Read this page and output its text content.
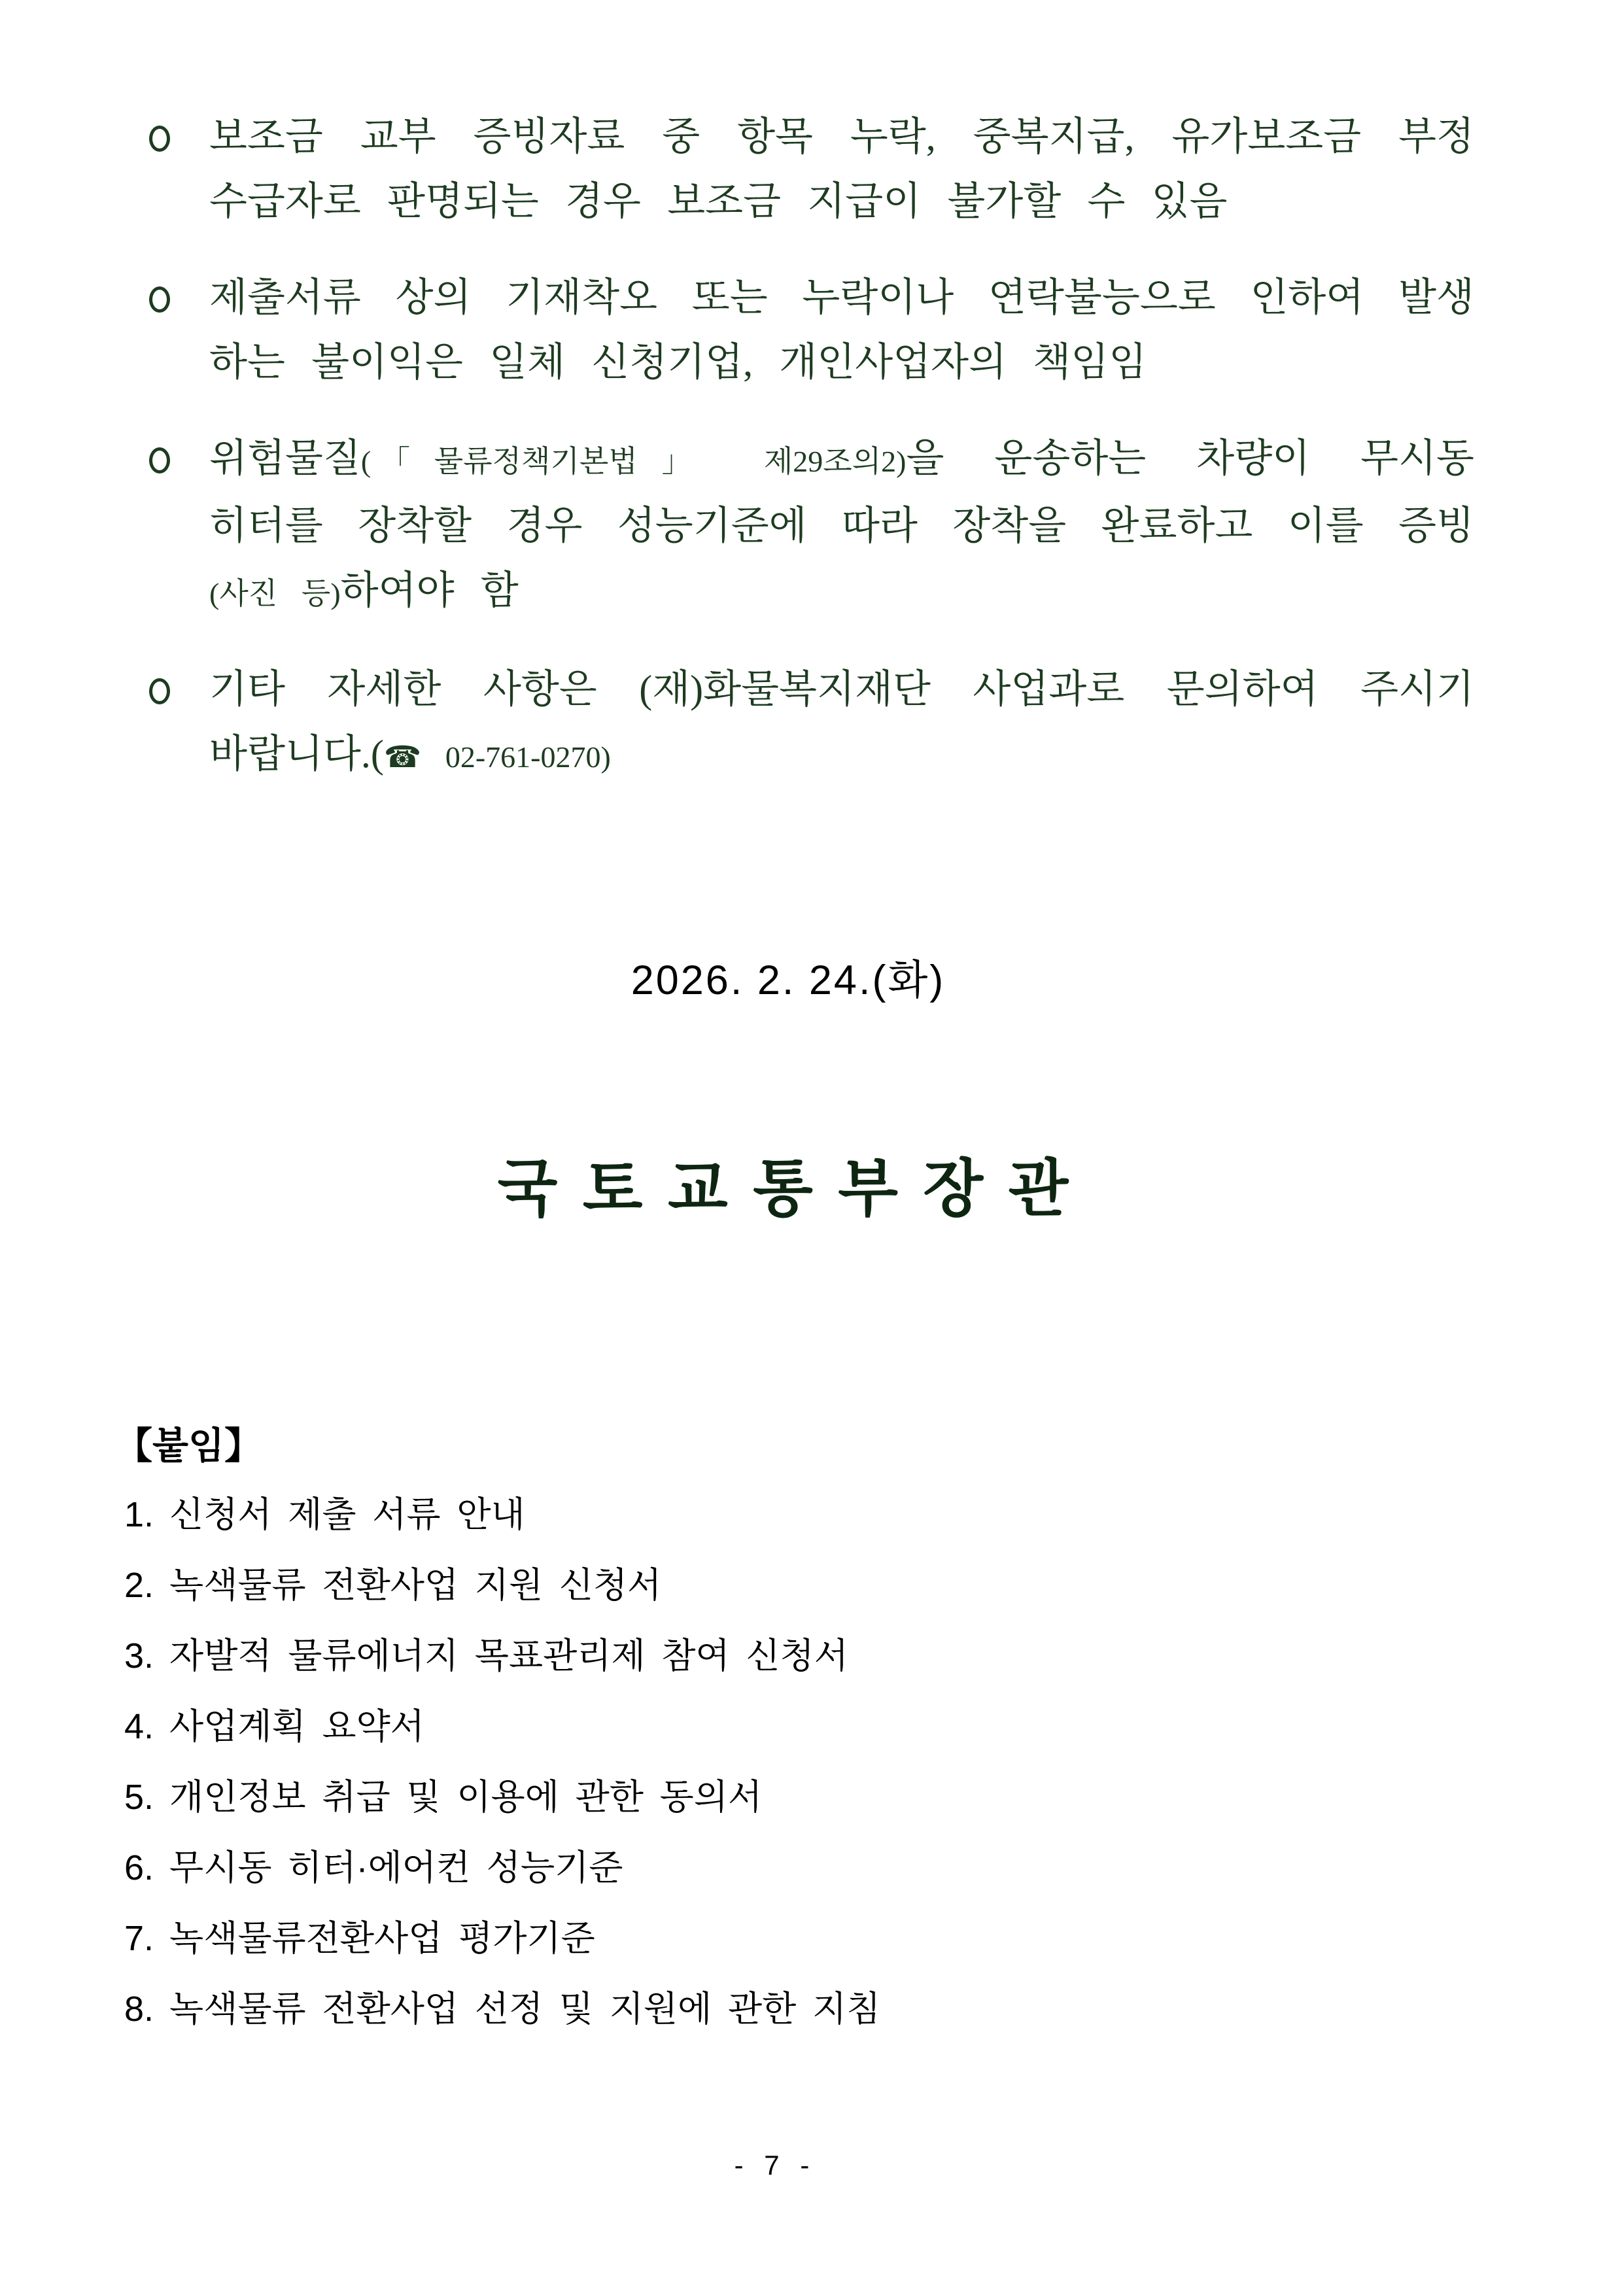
보조금 교부 증빙자료 중 항목 누락, 중복지급, 유가보조금 부정
수급자로 판명되는 경우 보조금 지급이 불가할 수 있음
제출서류 상의 기재착오 또는 누락이나 연락불능으로 인하여 발생
하는 불이익은 일체 신청기업, 개인사업자의 책임임
위험물질(「물류정책기본법」 제29조의2)을 운송하는 차량이 무시동
히터를 장착할 경우 성능기준에 따라 장착을 완료하고 이를 증빙
(사진 등)하여야 함
기타 자세한 사항은 (재)화물복지재단 사업과로 문의하여 주시기
바랍니다.(☎ 02-761-0270)
2026. 2. 24.(화)
국 토 교 통 부 장 관
【붙임】
1. 신청서 제출 서류 안내
2. 녹색물류 전환사업 지원 신청서
3. 자발적 물류에너지 목표관리제 참여 신청서
4. 사업계획 요약서
5. 개인정보 취급 및 이용에 관한 동의서
6. 무시동 히터·에어컨 성능기준
7. 녹색물류전환사업 평가기준
8. 녹색물류 전환사업 선정 및 지원에 관한 지침
- 7 -
